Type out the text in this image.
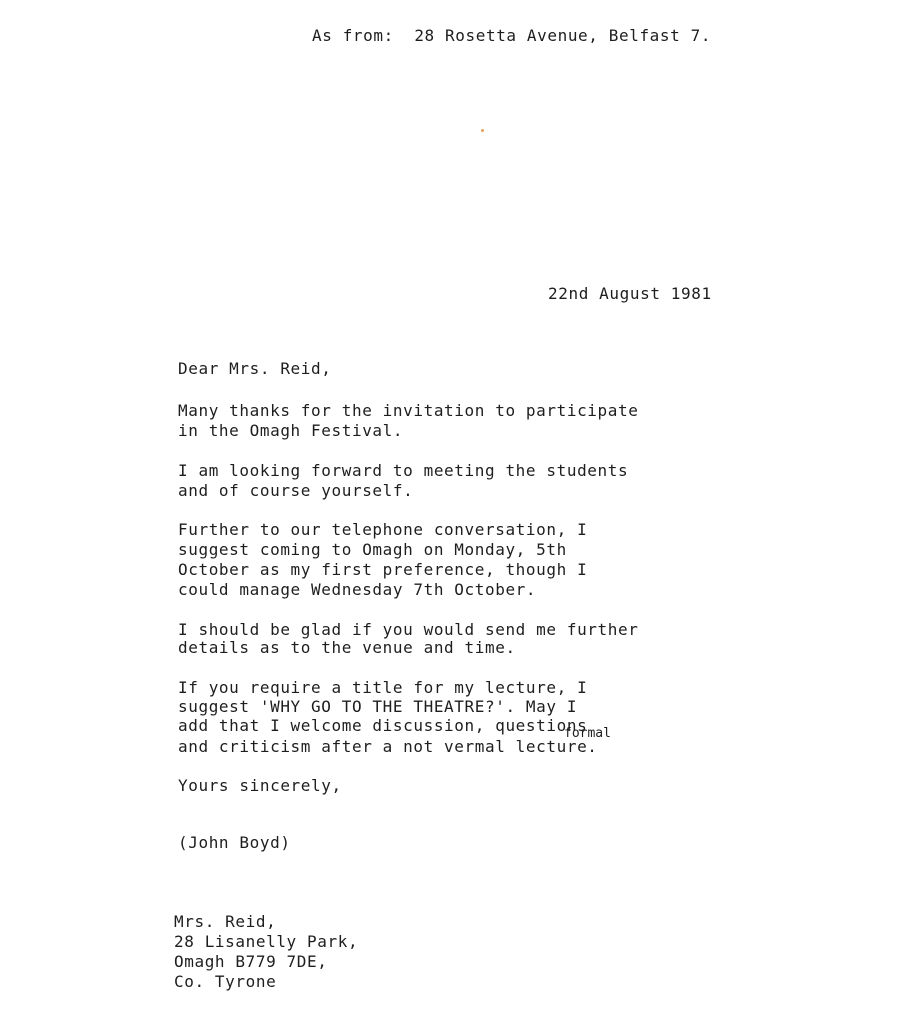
As from:  28 Rosetta Avenue, Belfast 7.
22nd August 1981
Dear Mrs. Reid,
Many thanks for the invitation to participate
in the Omagh Festival.
I am looking forward to meeting the students
and of course yourself.
Further to our telephone conversation, I
suggest coming to Omagh on Monday, 5th
October as my first preference, though I
could manage Wednesday 7th October.
I should be glad if you would send me further
details as to the venue and time.
If you require a title for my lecture, I
suggest 'WHY GO TO THE THEATRE?'. May I
add that I welcome discussion, questions
and criticism after a not vermal lecture.
formal
Yours sincerely,
(John Boyd)
Mrs. Reid,
28 Lisanelly Park,
Omagh B779 7DE,
Co. Tyrone
